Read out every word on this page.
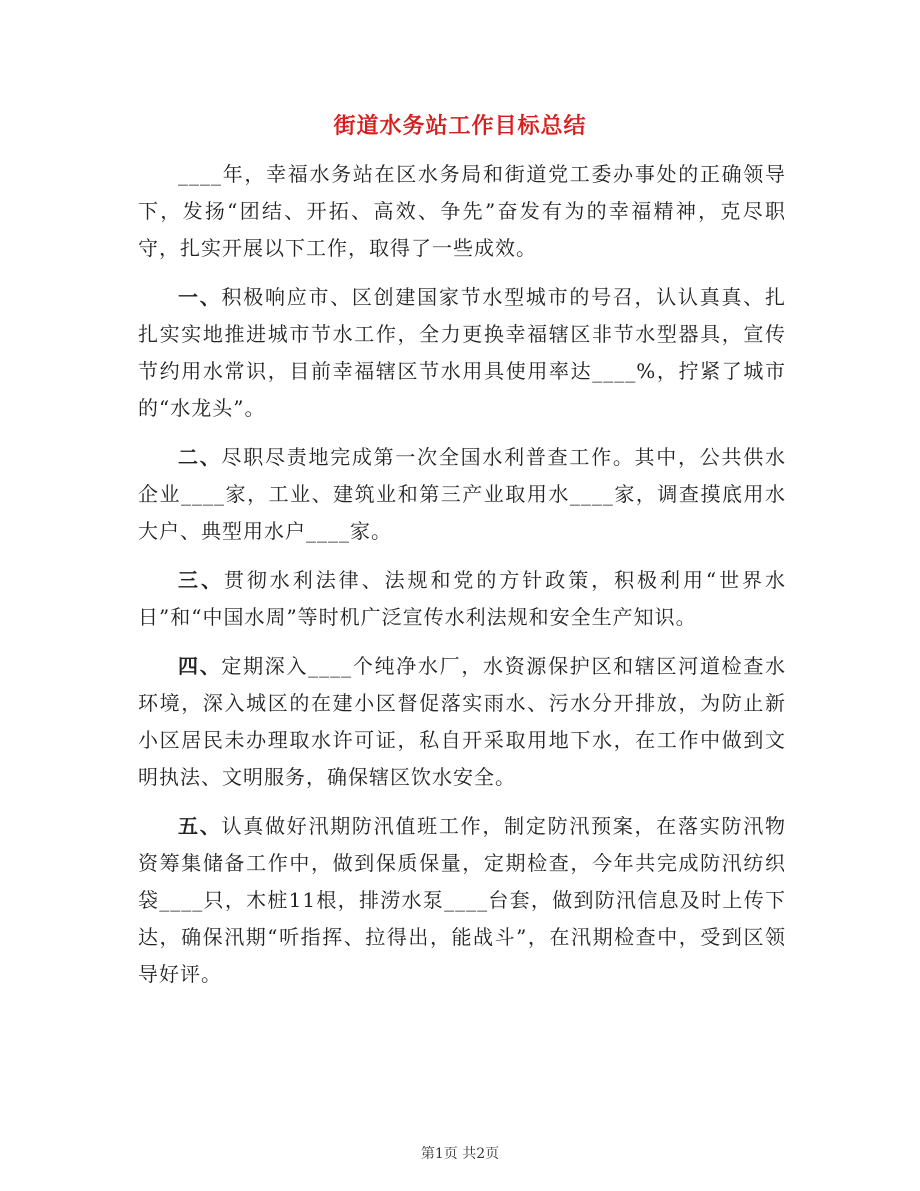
街道水务站工作目标总结

____年，幸福水务站在区水务局和街道党工委办事处的正确领导下，发扬“团结、开拓、高效、争先”奋发有为的幸福精神，克尽职守，扎实开展以下工作，取得了一些成效。

一、积极响应市、区创建国家节水型城市的号召，认认真真、扎扎实实地推进城市节水工作，全力更换幸福辖区非节水型器具，宣传节约用水常识，目前幸福辖区节水用具使用率达____%，拧紧了城市的“水龙头”。

二、尽职尽责地完成第一次全国水利普查工作。其中，公共供水企业____家，工业、建筑业和第三产业取用水____家，调查摸底用水大户、典型用水户____家。

三、贯彻水利法律、法规和党的方针政策，积极利用“世界水日”和“中国水周”等时机广泛宣传水利法规和安全生产知识。

四、定期深入____个纯净水厂，水资源保护区和辖区河道检查水环境，深入城区的在建小区督促落实雨水、污水分开排放，为防止新小区居民未办理取水许可证，私自开采取用地下水，在工作中做到文明执法、文明服务，确保辖区饮水安全。

五、认真做好汛期防汛值班工作，制定防汛预案，在落实防汛物资筹集储备工作中，做到保质保量，定期检查，今年共完成防汛纺织袋____只，木桩11根，排涝水泵____台套，做到防汛信息及时上传下达，确保汛期“听指挥、拉得出，能战斗”，在汛期检查中，受到区领导好评。

第1页 共2页
